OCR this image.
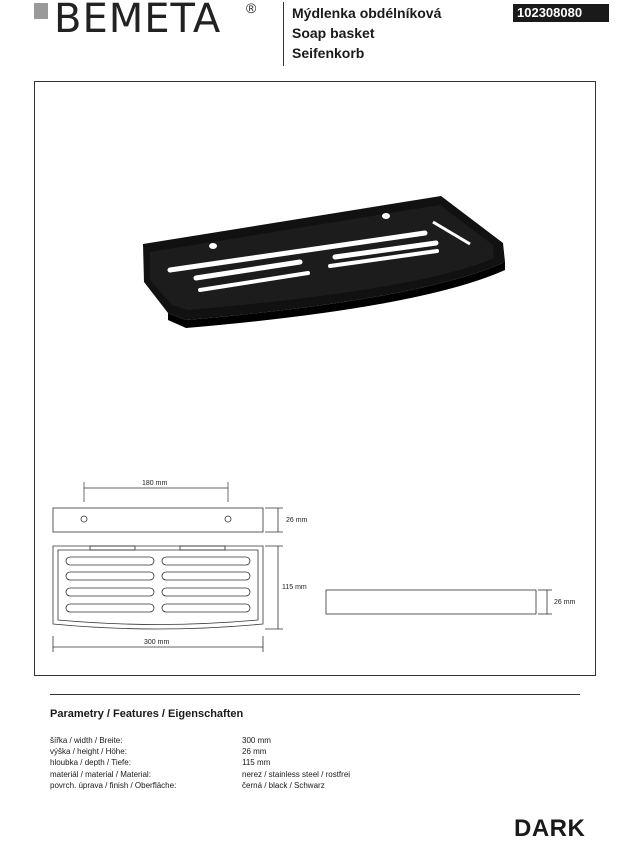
BEMETA ®	Mýdlenka obdélníková
Soap basket
Seifenkorb
102308080
180 mm
26 mm
115 mm
300 mm
26 mm
Parametry / Features / Eigenschaften
šířka / width / Breite:
výška / height / Höhe:
hloubka / depth / Tiefe:
materiál / material / Material:
povrch. úprava / finish / Oberfläche:
300 mm
26 mm
115 mm
nerez / stainless steel / rostfrei
černá / black / Schwarz
DARK
